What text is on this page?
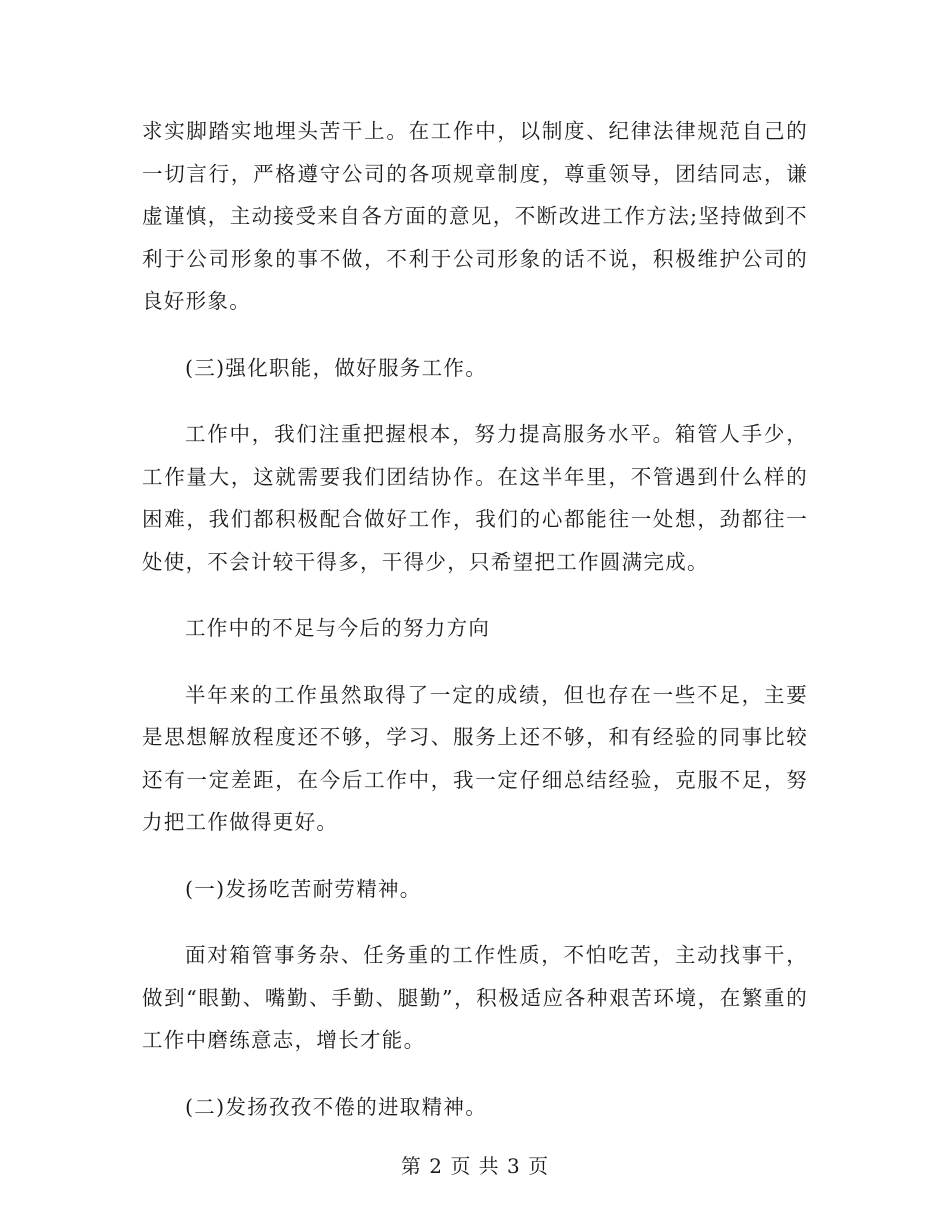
求实脚踏实地埋头苦干上。在工作中，以制度、纪律法律规范自己的一切言行，严格遵守公司的各项规章制度，尊重领导，团结同志，谦虚谨慎，主动接受来自各方面的意见，不断改进工作方法;坚持做到不利于公司形象的事不做，不利于公司形象的话不说，积极维护公司的良好形象。

(三)强化职能，做好服务工作。

工作中，我们注重把握根本，努力提高服务水平。箱管人手少，工作量大，这就需要我们团结协作。在这半年里，不管遇到什么样的困难，我们都积极配合做好工作，我们的心都能往一处想，劲都往一处使，不会计较干得多，干得少，只希望把工作圆满完成。

工作中的不足与今后的努力方向

半年来的工作虽然取得了一定的成绩，但也存在一些不足，主要是思想解放程度还不够，学习、服务上还不够，和有经验的同事比较还有一定差距，在今后工作中，我一定仔细总结经验，克服不足，努力把工作做得更好。

(一)发扬吃苦耐劳精神。

面对箱管事务杂、任务重的工作性质，不怕吃苦，主动找事干，做到“眼勤、嘴勤、手勤、腿勤”，积极适应各种艰苦环境，在繁重的工作中磨练意志，增长才能。

(二)发扬孜孜不倦的进取精神。

第 2 页 共 3 页
